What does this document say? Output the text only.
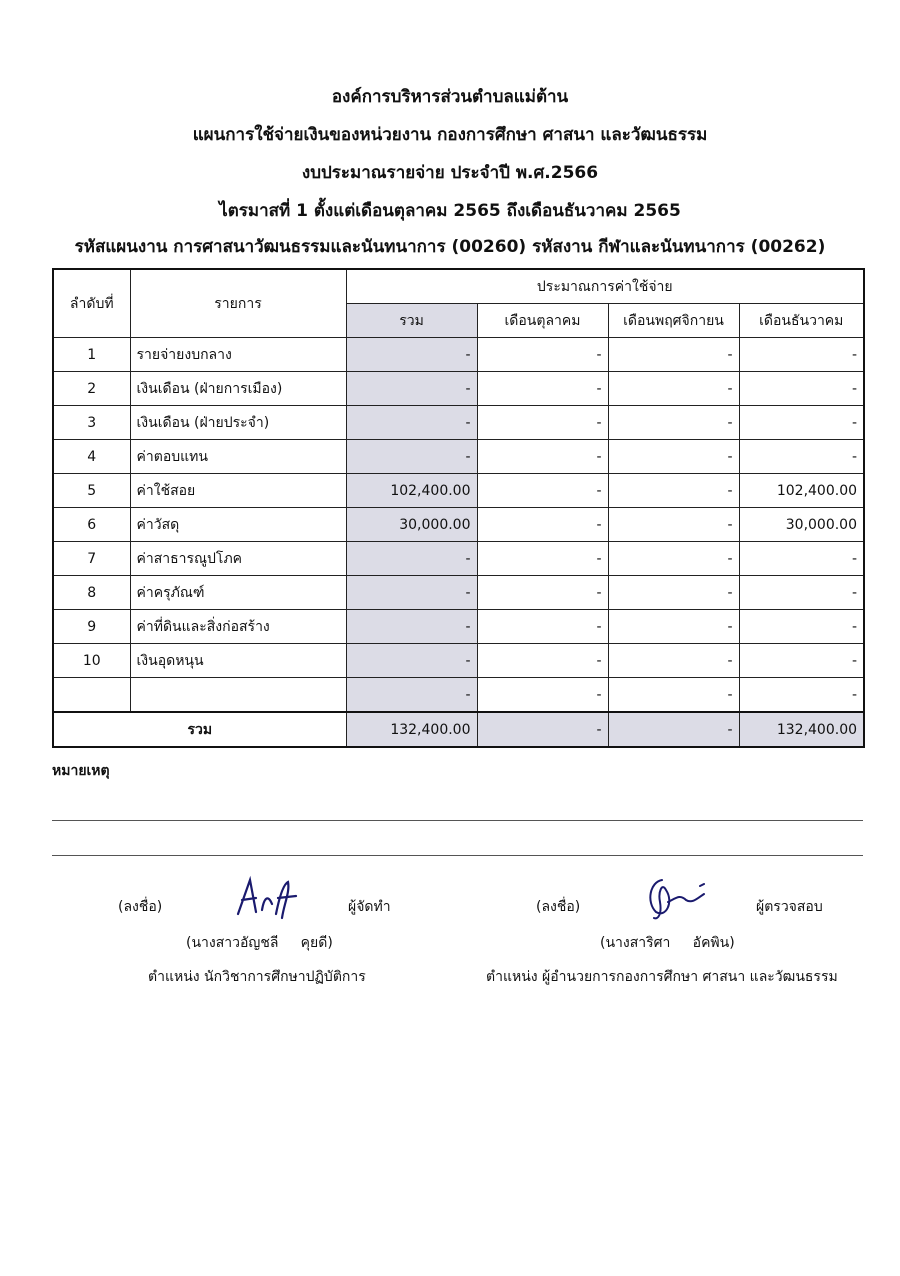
องค์การบริหารส่วนตำบลแม่ต้าน
แผนการใช้จ่ายเงินของหน่วยงาน กองการศึกษา ศาสนา และวัฒนธรรม
งบประมาณรายจ่าย ประจำปี พ.ศ.2566
ไตรมาสที่ 1 ตั้งแต่เดือนตุลาคม 2565 ถึงเดือนธันวาคม 2565
รหัสแผนงาน การศาสนาวัฒนธรรมและนันทนาการ (00260) รหัสงาน กีฬาและนันทนาการ (00262)
ลำดับที่	รายการ	ประมาณการค่าใช้จ่าย			
		รวม	เดือนตุลาคม	เดือนพฤศจิกายน	เดือนธันวาคม
1	รายจ่ายงบกลาง	-	-	-	-
2	เงินเดือน (ฝ่ายการเมือง)	-	-	-	-
3	เงินเดือน (ฝ่ายประจำ)	-	-	-	-
4	ค่าตอบแทน	-	-	-	-
5	ค่าใช้สอย	102,400.00	-	-	102,400.00
6	ค่าวัสดุ	30,000.00	-	-	30,000.00
7	ค่าสาธารณูปโภค	-	-	-	-
8	ค่าครุภัณฑ์	-	-	-	-
9	ค่าที่ดินและสิ่งก่อสร้าง	-	-	-	-
10	เงินอุดหนุน	-	-	-	-
		-	-	-	-
รวม		132,400.00	-	-	132,400.00
หมายเหตุ
(ลงชื่อ)	ผู้จัดทำ
(นางสาวอัญชลี     คุยดี)
ตำแหน่ง นักวิชาการศึกษาปฏิบัติการ
(ลงชื่อ)	ผู้ตรวจสอบ
(นางสาริศา     อัคพิน)
ตำแหน่ง ผู้อำนวยการกองการศึกษา ศาสนา และวัฒนธรรม
